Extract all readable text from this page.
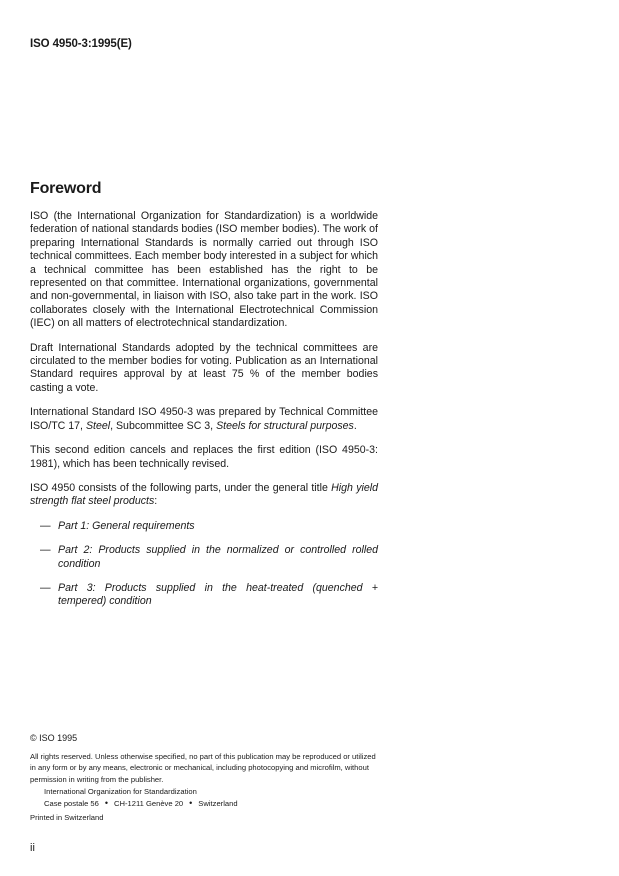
ISO 4950-3:1995(E)
Foreword

ISO (the International Organization for Standardization) is a worldwide federation of national standards bodies (ISO member bodies). The work of preparing International Standards is normally carried out through ISO technical committees. Each member body interested in a subject for which a technical committee has been established has the right to be represented on that committee. International organizations, governmental and non-governmental, in liaison with ISO, also take part in the work. ISO collaborates closely with the International Electrotechnical Commission (IEC) on all matters of electrotechnical standardization.

Draft International Standards adopted by the technical committees are circulated to the member bodies for voting. Publication as an International Standard requires approval by at least 75 % of the member bodies casting a vote.

International Standard ISO 4950-3 was prepared by Technical Committee ISO/TC 17, Steel, Subcommittee SC 3, Steels for structural purposes.

This second edition cancels and replaces the first edition (ISO 4950-3: 1981), which has been technically revised.

ISO 4950 consists of the following parts, under the general title High yield strength flat steel products:

— Part 1: General requirements
— Part 2: Products supplied in the normalized or controlled rolled condition
— Part 3: Products supplied in the heat-treated (quenched + tempered) condition
© ISO 1995
All rights reserved. Unless otherwise specified, no part of this publication may be reproduced or utilized in any form or by any means, electronic or mechanical, including photocopying and microfilm, without permission in writing from the publisher.
International Organization for Standardization
Case postale 56 • CH-1211 Genève 20 • Switzerland
Printed in Switzerland
ii
